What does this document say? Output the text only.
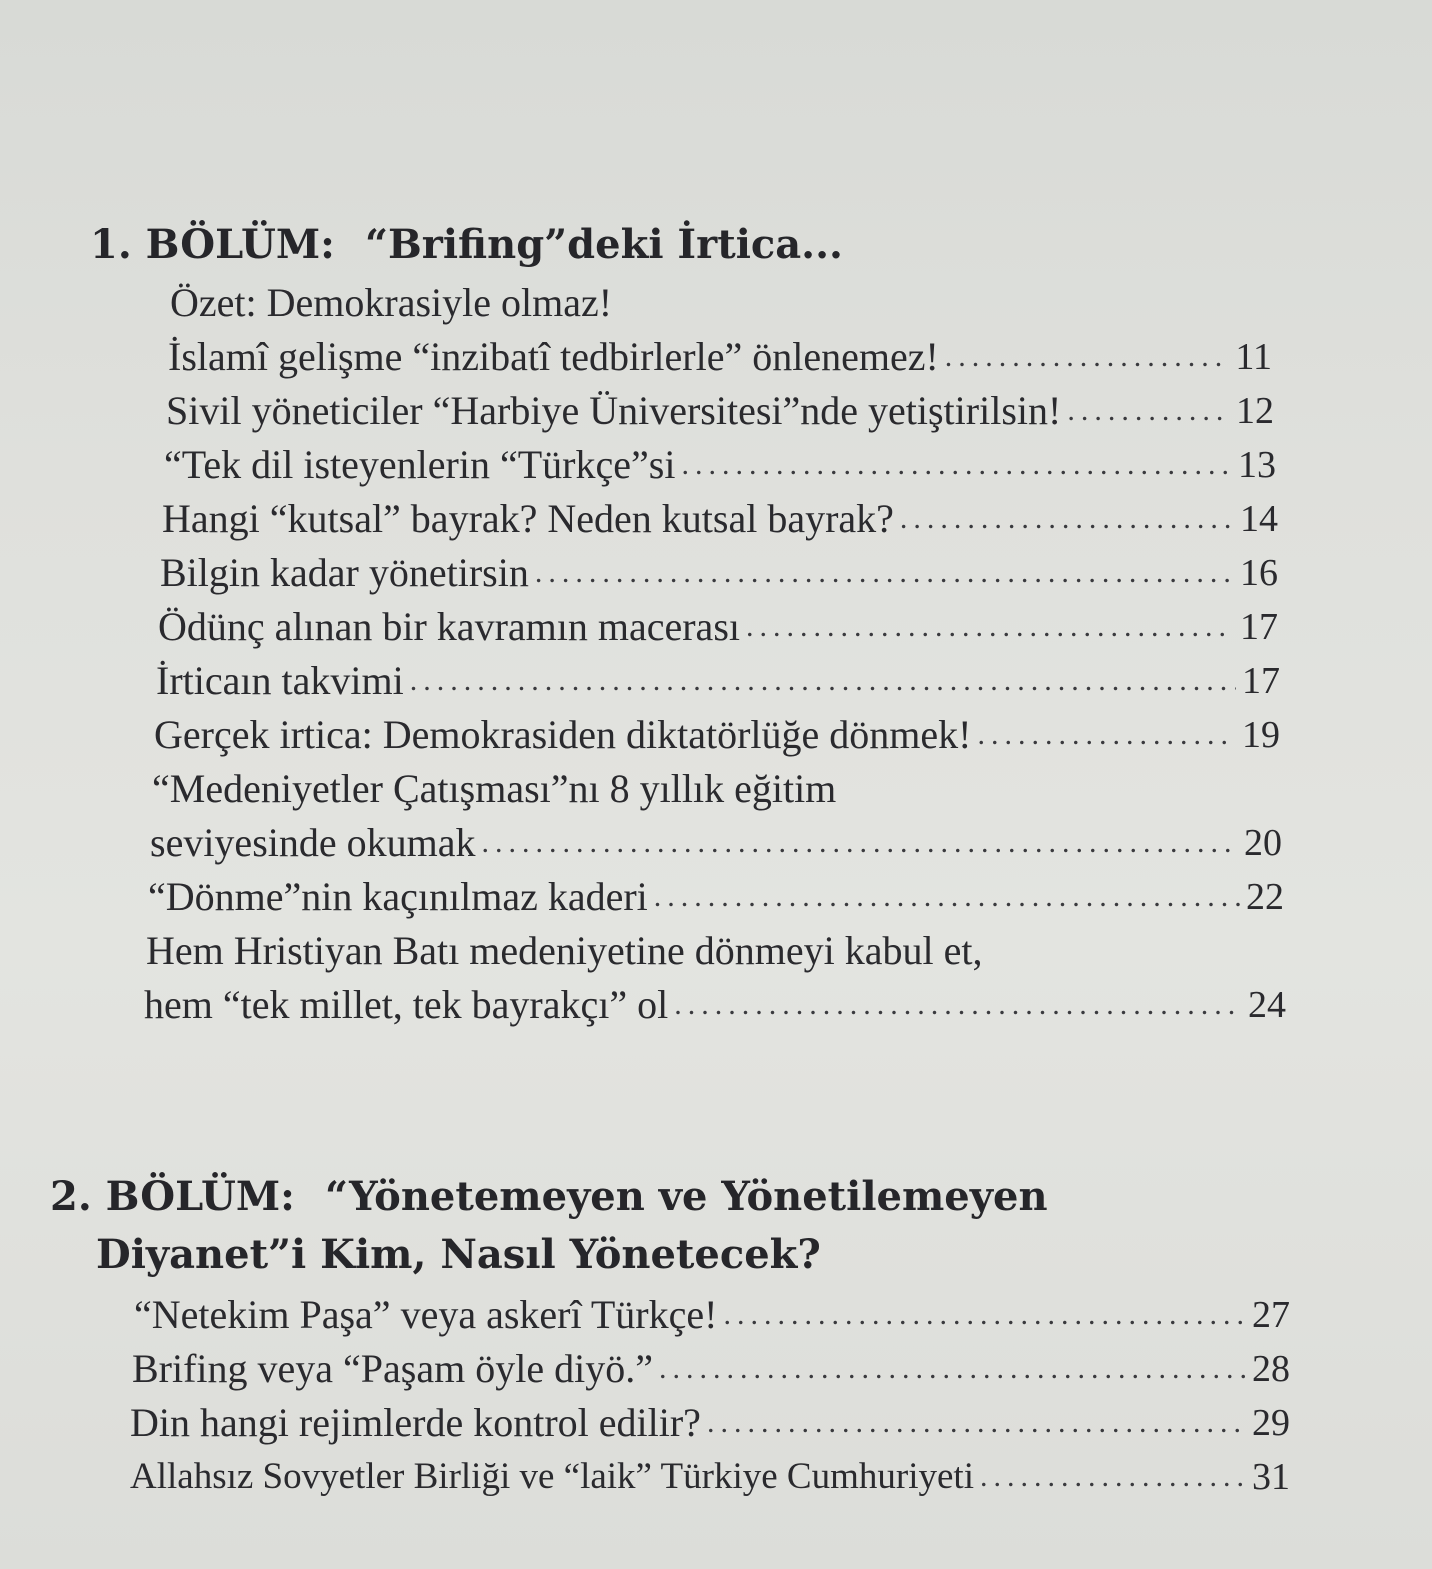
1. BÖLÜM: “Brifing”deki İrtica...
Özet: Demokrasiyle olmaz!
İslamî gelişme “inzibatî tedbirlerle” önlenemez! .....	11
Sivil yöneticiler “Harbiye Üniversitesi”nde yetiştirilsin! .....	12
“Tek dil isteyenlerin “Türkçe”si .....	13
Hangi “kutsal” bayrak? Neden kutsal bayrak? .....	14
Bilgin kadar yönetirsin .....	16
Ödünç alınan bir kavramın macerası .....	17
İrticaın takvimi .....	17
Gerçek irtica: Demokrasiden diktatörlüğe dönmek! .....	19
“Medeniyetler Çatışması”nı 8 yıllık eğitim
seviyesinde okumak .....	20
“Dönme”nin kaçınılmaz kaderi .....	22
Hem Hristiyan Batı medeniyetine dönmeyi kabul et,
hem “tek millet, tek bayrakçı” ol .....	24
2. BÖLÜM: “Yönetemeyen ve Yönetilemeyen
Diyanet”i Kim, Nasıl Yönetecek?
“Netekim Paşa” veya askerî Türkçe! .....	27
Brifing veya “Paşam öyle diyö.” .....	28
Din hangi rejimlerde kontrol edilir? .....	29
Allahsız Sovyetler Birliği ve “laik” Türkiye Cumhuriyeti .....	31
